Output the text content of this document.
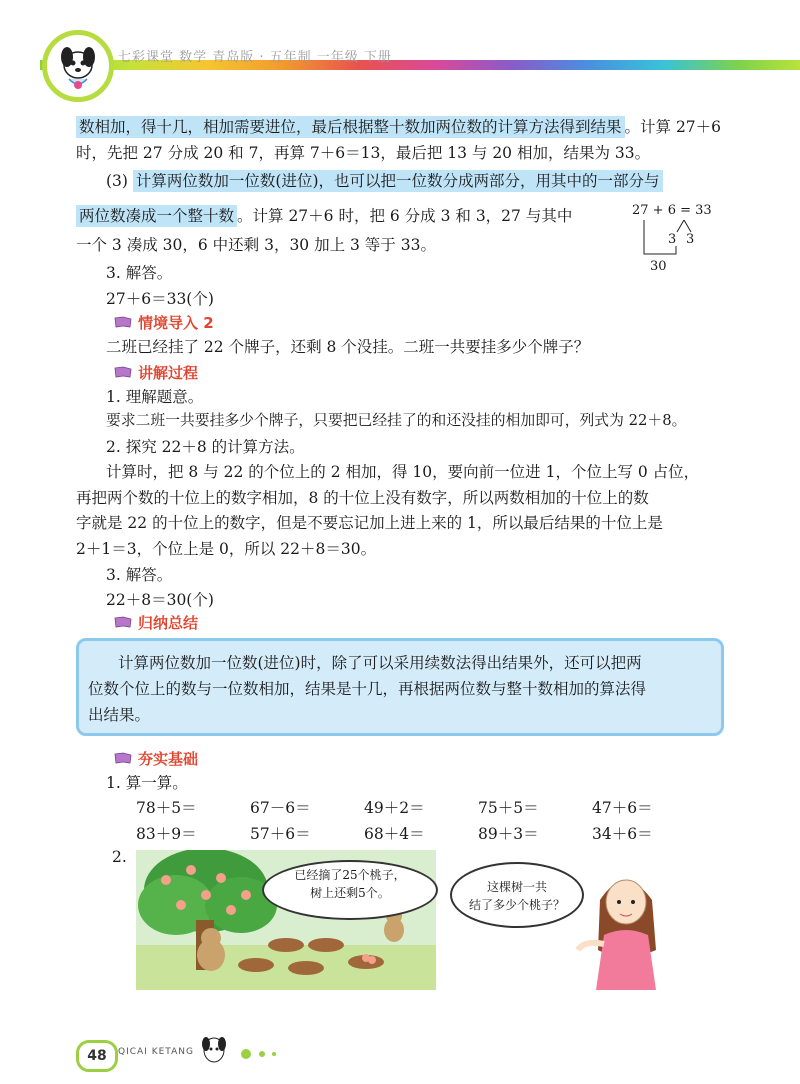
七彩课堂 数学 青岛版 · 五年制 一年级 下册
数相加，得十几，相加需要进位，最后根据整十数加两位数的计算方法得到结果 。计算 27＋6
时，先把 27 分成 20 和 7，再算 7＋6＝13，最后把 13 与 20 相加，结果为 33。
(3) 计算两位数加一位数(进位)，也可以把一位数分成两部分，用其中的一部分与
两位数凑成一个整十数 。计算 27＋6 时，把 6 分成 3 和 3，27 与其中
一个 3 凑成 30，6 中还剩 3，30 加上 3 等于 33。
3. 解答。
27＋6＝33(个)
27 + 6 = 33
3 3
30
情境导入 2
二班已经挂了 22 个牌子，还剩 8 个没挂。二班一共要挂多少个牌子？
讲解过程
1. 理解题意。
要求二班一共要挂多少个牌子，只要把已经挂了的和还没挂的相加即可，列式为 22＋8。
2. 探究 22＋8 的计算方法。
计算时，把 8 与 22 的个位上的 2 相加，得 10，要向前一位进 1，个位上写 0 占位，
再把两个数的十位上的数字相加，8 的十位上没有数字，所以两数相加的十位上的数
字就是 22 的十位上的数字，但是不要忘记加上进上来的 1，所以最后结果的十位上是
2＋1＝3，个位上是 0，所以 22＋8＝30。
3. 解答。
22＋8＝30(个)
归纳总结
计算两位数加一位数(进位)时，除了可以采用续数法得出结果外，还可以把两
位数个位上的数与一位数相加，结果是十几，再根据两位数与整十数相加的算法得
出结果。
夯实基础
1. 算一算。
78＋5＝	67－6＝	49＋2＝	75＋5＝	47＋6＝
83＋9＝	57＋6＝	68＋4＝	89＋3＝	34＋6＝
2.
已经摘了25个桃子，
树上还剩5个。	这棵树一共
结了多少个桃子？
48	QICAI KETANG
